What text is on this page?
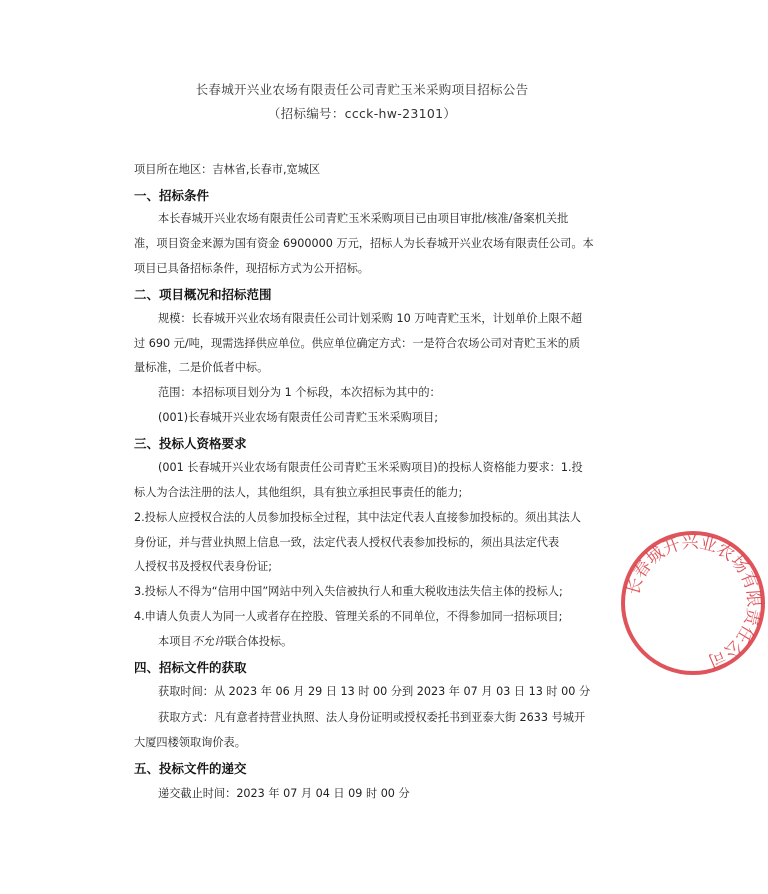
长春城开兴业农场有限责任公司青贮玉米采购项目招标公告
（招标编号：ccck-hw-23101）
项目所在地区：吉林省,长春市,宽城区
一、招标条件
本长春城开兴业农场有限责任公司青贮玉米采购项目已由项目审批/核准/备案机关批
准，项目资金来源为国有资金 6900000 万元，招标人为长春城开兴业农场有限责任公司。本
项目已具备招标条件，现招标方式为公开招标。
二、项目概况和招标范围
规模：长春城开兴业农场有限责任公司计划采购 10 万吨青贮玉米，计划单价上限不超
过 690 元/吨，现需选择供应单位。供应单位确定方式：一是符合农场公司对青贮玉米的质
量标准，二是价低者中标。
范围：本招标项目划分为 1 个标段，本次招标为其中的：
(001)长春城开兴业农场有限责任公司青贮玉米采购项目;
三、投标人资格要求
(001 长春城开兴业农场有限责任公司青贮玉米采购项目)的投标人资格能力要求：1.投
标人为合法注册的法人，其他组织，具有独立承担民事责任的能力;
2.投标人应授权合法的人员参加投标全过程，其中法定代表人直接参加投标的。须出其法人
身份证，并与营业执照上信息一致，法定代表人授权代表参加投标的，须出具法定代表
人授权书及授权代表身份证;
3.投标人不得为“信用中国”网站中列入失信被执行人和重大税收违法失信主体的投标人;
4.申请人负责人为同一人或者存在控股、管理关系的不同单位，不得参加同一招标项目;
本项目不允许联合体投标。
四、招标文件的获取
获取时间：从 2023 年 06 月 29 日 13 时 00 分到 2023 年 07 月 03 日 13 时 00 分
获取方式：凡有意者持营业执照、法人身份证明或授权委托书到亚泰大街 2633 号城开
大厦四楼领取询价表。
五、投标文件的递交
递交截止时间：2023 年 07 月 04 日 09 时 00 分
长春城开兴业农场有限责任公司
